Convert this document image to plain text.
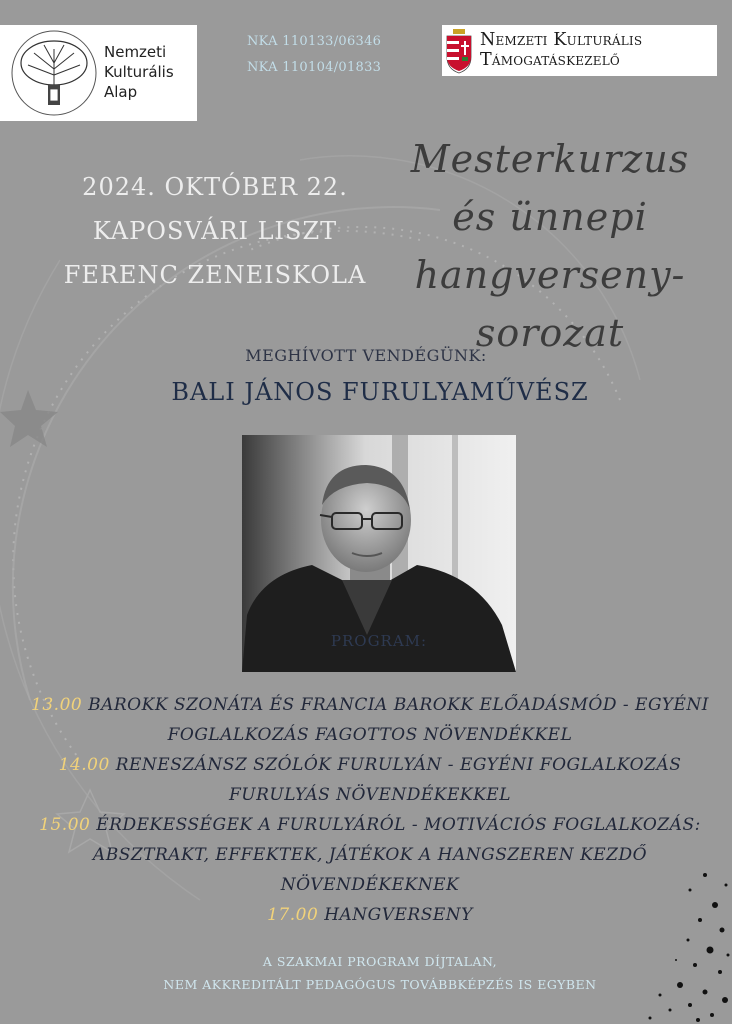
Nemzeti
Kulturális
Alap
NKA 110133/06346
NKA 110104/01833
Nemzeti Kulturális
Támogatáskezelő
2024. OKTÓBER 22.
KAPOSVÁRI LISZT
FERENC ZENEISKOLA
Mesterkurzus
és ünnepi
hangverseny-
sorozat
MEGHÍVOTT VENDÉGÜNK:
BALI JÁNOS FURULYAMŰVÉSZ
PROGRAM:
13.00 BAROKK SZONÁTA ÉS FRANCIA BAROKK ELŐADÁSMÓD - EGYÉNI FOGLALKOZÁS FAGOTTOS NÖVENDÉKKEL
14.00 RENESZÁNSZ SZÓLÓK FURULYÁN - EGYÉNI FOGLALKOZÁS FURULYÁS NÖVENDÉKEKKEL
15.00 ÉRDEKESSÉGEK A FURULYÁRÓL - MOTIVÁCIÓS FOGLALKOZÁS: ABSZTRAKT, EFFEKTEK, JÁTÉKOK A HANGSZEREN KEZDŐ NÖVENDÉKEKNEK
17.00 HANGVERSENY
A SZAKMAI PROGRAM DÍJTALAN,
NEM AKKREDITÁLT PEDAGÓGUS TOVÁBBKÉPZÉS IS EGYBEN
